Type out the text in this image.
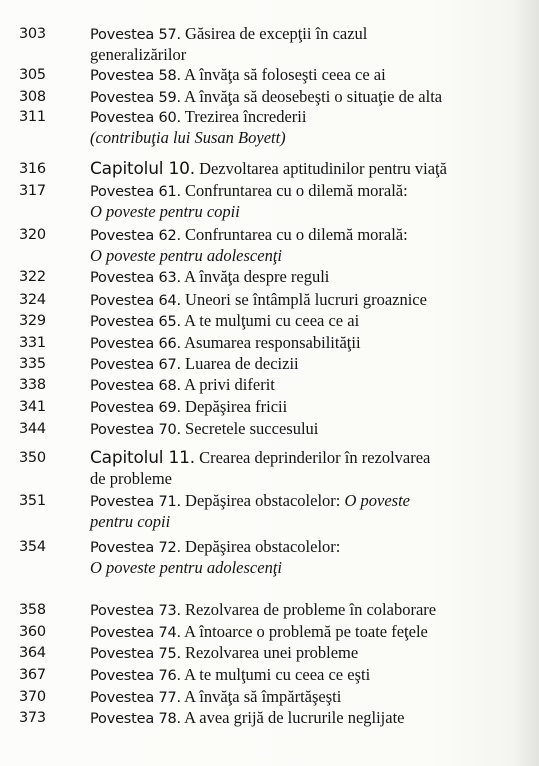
303	Povestea 57. Găsirea de excepţii în cazul
generalizărilor
305	Povestea 58. A învăţa să foloseşti ceea ce ai
308	Povestea 59. A învăţa să deosebeşti o situaţie de alta
311	Povestea 60. Trezirea încrederii
(contribuţia lui Susan Boyett)
316	Capitolul 10. Dezvoltarea aptitudinilor pentru viaţă
317	Povestea 61. Confruntarea cu o dilemă morală:
O poveste pentru copii
320	Povestea 62. Confruntarea cu o dilemă morală:
O poveste pentru adolescenţi
322	Povestea 63. A învăţa despre reguli
324	Povestea 64. Uneori se întâmplă lucruri groaznice
329	Povestea 65. A te mulţumi cu ceea ce ai
331	Povestea 66. Asumarea responsabilităţii
335	Povestea 67. Luarea de decizii
338	Povestea 68. A privi diferit
341	Povestea 69. Depăşirea fricii
344	Povestea 70. Secretele succesului
350	Capitolul 11. Crearea deprinderilor în rezolvarea
de probleme
351	Povestea 71. Depăşirea obstacolelor: O poveste
pentru copii
354	Povestea 72. Depăşirea obstacolelor:
O poveste pentru adolescenţi
358	Povestea 73. Rezolvarea de probleme în colaborare
360	Povestea 74. A întoarce o problemă pe toate feţele
364	Povestea 75. Rezolvarea unei probleme
367	Povestea 76. A te mulţumi cu ceea ce eşti
370	Povestea 77. A învăţa să împărtăşeşti
373	Povestea 78. A avea grijă de lucrurile neglijate
